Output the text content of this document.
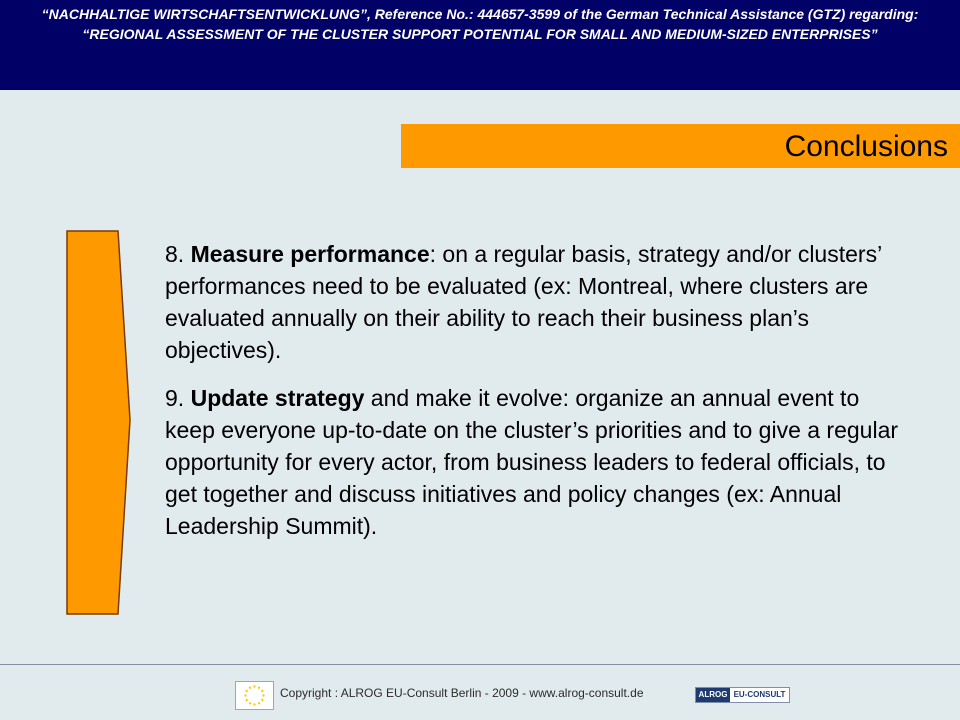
“NACHHALTIGE WIRTSCHAFTSENTWICKLUNG”, Reference No.: 444657-3599 of the German Technical Assistance (GTZ) regarding: “REGIONAL ASSESSMENT OF THE CLUSTER SUPPORT POTENTIAL FOR SMALL AND MEDIUM-SIZED ENTERPRISES”

Conclusions

8. Measure performance: on a regular basis, strategy and/or clusters’ performances need to be evaluated (ex: Montreal, where clusters are evaluated annually on their ability to reach their business plan’s objectives).

9. Update strategy and make it evolve: organize an annual event to keep everyone up-to-date on the cluster’s priorities and to give a regular opportunity for every actor, from business leaders to federal officials, to get together and discuss initiatives and policy changes (ex: Annual Leadership Summit).

Copyright : ALROG EU-Consult Berlin - 2009 - www.alrog-consult.de	ALROG EU-CONSULT
